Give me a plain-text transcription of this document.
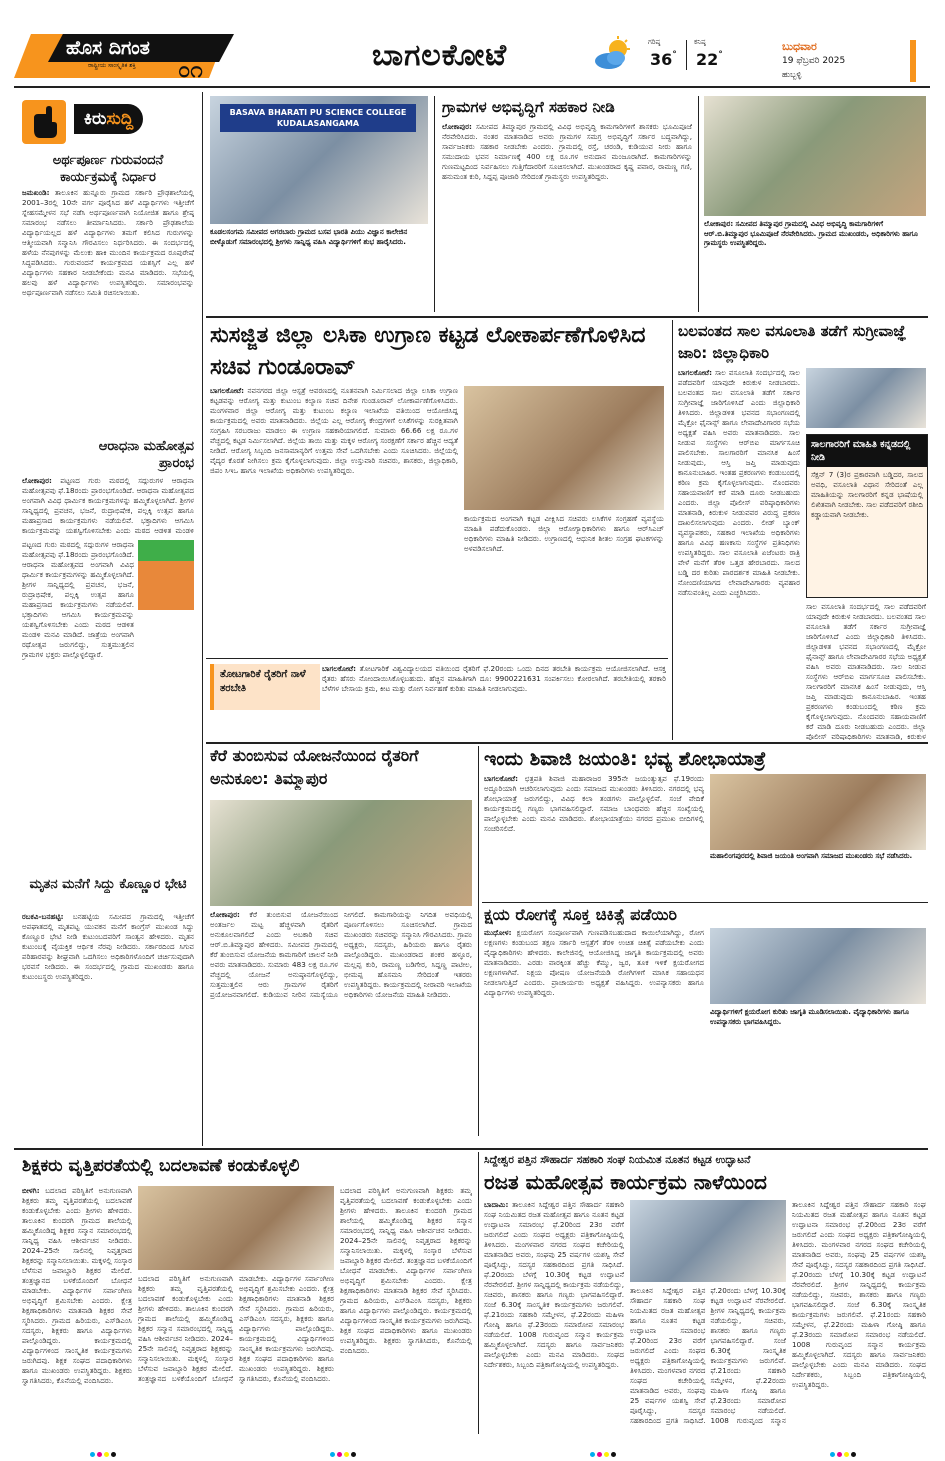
ಹೊಸ ದಿಗಂತ
ರಾಷ್ಟ್ರೀಯ ಸಾಂಸ್ಕೃತಿಕ ಶಕ್ತಿ	೦೧	ಬಾಗಲಕೋಟೆ	ಗರಿಷ್ಠ
36°
ಕನಿಷ್ಠ
22°
ಬುಧವಾರ
19 ಫೆಬ್ರವರಿ 2025
ಹುಬ್ಬಳ್ಳಿ
ಕಿರುಸುದ್ದಿ
ಅರ್ಥಪೂರ್ಣ ಗುರುವಂದನೆ ಕಾರ್ಯಕ್ರಮಕ್ಕೆ ನಿರ್ಧಾರ
ಜಮಖಂಡಿ: ತಾಲೂಕಿನ ಹುನ್ನೂರು ಗ್ರಾಮದ ಸರ್ಕಾರಿ ಪ್ರೌಢಶಾಲೆಯಲ್ಲಿ 2001–3ರಲ್ಲಿ 10ನೇ ವರ್ಗ ಪೂರೈಸಿದ ಹಳೆ ವಿದ್ಯಾರ್ಥಿಗಳು ಇತ್ತೀಚೆಗೆ ಸ್ನೇಹಸಮ್ಮೇಳನ ಸಭೆ ನಡೆಸಿ ಅರ್ಥಪೂರ್ಣವಾಗಿ ನಿಯೋಜಿತ ಹಾಗೂ ಶ್ರೇಷ್ಠ ಸಮಾರಂಭ ನಡೆಸಲು ತೀರ್ಮಾನಿಸಿದರು. ಸರ್ಕಾರಿ ಪ್ರೌಢಶಾಲೆಯ ವಿದ್ಯಾರ್ಥಿಯಲ್ಲದ ಹಳೆ ವಿದ್ಯಾರ್ಥಿಗಳು ತಮಗೆ ಕಲಿಸಿದ ಗುರುಗಳನ್ನು ಆತ್ಮೀಯವಾಗಿ ಸನ್ಮಾನಿಸಿ ಗೌರವಿಸಲು ನಿರ್ಧರಿಸಿದರು. ಈ ಸಂದರ್ಭದಲ್ಲಿ ಹಳೆಯ ನೆನಪುಗಳನ್ನು ಮೆಲುಕು ಹಾಕಿ ಮುಂದಿನ ಕಾರ್ಯಕ್ರಮದ ರೂಪುರೇಷೆ ಸಿದ್ಧಪಡಿಸಿದರು. ಗುರುವಂದನೆ ಕಾರ್ಯಕ್ರಮದ ಯಶಸ್ಸಿಗೆ ಎಲ್ಲ ಹಳೆ ವಿದ್ಯಾರ್ಥಿಗಳು ಸಹಕಾರ ನೀಡಬೇಕೆಂದು ಮನವಿ ಮಾಡಿದರು. ಸಭೆಯಲ್ಲಿ ಹಲವು ಹಳೆ ವಿದ್ಯಾರ್ಥಿಗಳು ಉಪಸ್ಥಿತರಿದ್ದರು. ಸಮಾರಂಭವನ್ನು ಅರ್ಥಪೂರ್ಣವಾಗಿ ನಡೆಸಲು ಸಮಿತಿ ರಚಿಸಲಾಯಿತು.
ಆರಾಧನಾ ಮಹೋತ್ಸವ ಪ್ರಾರಂಭ
ಲೋಕಾಪುರ: ಪಟ್ಟಣದ ಗುರು ಮಠದಲ್ಲಿ ಸದ್ಗುರುಗಳ ಆರಾಧನಾ ಮಹೋತ್ಸವವು ಫೆ.18ರಂದು ಪ್ರಾರಂಭಗೊಂಡಿದೆ. ಆರಾಧನಾ ಮಹೋತ್ಸವದ ಅಂಗವಾಗಿ ವಿವಿಧ ಧಾರ್ಮಿಕ ಕಾರ್ಯಕ್ರಮಗಳನ್ನು ಹಮ್ಮಿಕೊಳ್ಳಲಾಗಿದೆ. ಶ್ರೀಗಳ ಸಾನ್ನಿಧ್ಯದಲ್ಲಿ ಪ್ರವಚನ, ಭಜನೆ, ರುದ್ರಾಭಿಷೇಕ, ಪಲ್ಲಕ್ಕಿ ಉತ್ಸವ ಹಾಗೂ ಮಹಾಪ್ರಸಾದ ಕಾರ್ಯಕ್ರಮಗಳು ನಡೆಯಲಿವೆ. ಭಕ್ತಾದಿಗಳು ಆಗಮಿಸಿ ಕಾರ್ಯಕ್ರಮವನ್ನು ಯಶಸ್ವಿಗೊಳಿಸಬೇಕು ಎಂದು ಮಠದ ಆಡಳಿತ ಮಂಡಳಿ
ಪಟ್ಟಣದ ಗುರು ಮಠದಲ್ಲಿ ಸದ್ಗುರುಗಳ ಆರಾಧನಾ ಮಹೋತ್ಸವವು ಫೆ.18ರಂದು ಪ್ರಾರಂಭಗೊಂಡಿದೆ. ಆರಾಧನಾ ಮಹೋತ್ಸವದ ಅಂಗವಾಗಿ ವಿವಿಧ ಧಾರ್ಮಿಕ ಕಾರ್ಯಕ್ರಮಗಳನ್ನು ಹಮ್ಮಿಕೊಳ್ಳಲಾಗಿದೆ. ಶ್ರೀಗಳ ಸಾನ್ನಿಧ್ಯದಲ್ಲಿ ಪ್ರವಚನ, ಭಜನೆ, ರುದ್ರಾಭಿಷೇಕ, ಪಲ್ಲಕ್ಕಿ ಉತ್ಸವ ಹಾಗೂ ಮಹಾಪ್ರಸಾದ ಕಾರ್ಯಕ್ರಮಗಳು ನಡೆಯಲಿವೆ. ಭಕ್ತಾದಿಗಳು ಆಗಮಿಸಿ ಕಾರ್ಯಕ್ರಮವನ್ನು ಯಶಸ್ವಿಗೊಳಿಸಬೇಕು ಎಂದು ಮಠದ ಆಡಳಿತ ಮಂಡಳಿ ಮನವಿ ಮಾಡಿದೆ. ಜಾತ್ರೆಯ ಅಂಗವಾಗಿ ರಥೋತ್ಸವ ಜರುಗಲಿದ್ದು, ಸುತ್ತಮುತ್ತಲಿನ ಗ್ರಾಮಗಳ ಭಕ್ತರು ಪಾಲ್ಗೊಳ್ಳಲಿದ್ದಾರೆ.
ಮೃತನ ಮನೆಗೆ ಸಿದ್ದು ಕೊಣ್ಣೂರ ಭೇಟಿ
ರಬಕವಿ-ಬನಹಟ್ಟಿ: ಬನಹಟ್ಟಿಯ ಸಮೀಪದ ಗ್ರಾಮದಲ್ಲಿ ಇತ್ತೀಚೆಗೆ ಅಪಘಾತದಲ್ಲಿ ಮೃತಪಟ್ಟ ಯುವಕನ ಮನೆಗೆ ಕಾಂಗ್ರೆಸ್ ಮುಖಂಡ ಸಿದ್ದು ಕೊಣ್ಣೂರ ಭೇಟಿ ನೀಡಿ ಕುಟುಂಬದವರಿಗೆ ಸಾಂತ್ವನ ಹೇಳಿದರು. ಮೃತನ ಕುಟುಂಬಕ್ಕೆ ವೈಯಕ್ತಿಕ ಆರ್ಥಿಕ ನೆರವು ನೀಡಿದರು. ಸರ್ಕಾರದಿಂದ ಸಿಗುವ ಪರಿಹಾರವನ್ನು ಶೀಘ್ರವಾಗಿ ಒದಗಿಸಲು ಅಧಿಕಾರಿಗಳೊಂದಿಗೆ ಚರ್ಚಿಸುವುದಾಗಿ ಭರವಸೆ ನೀಡಿದರು. ಈ ಸಂದರ್ಭದಲ್ಲಿ ಗ್ರಾಮದ ಮುಖಂಡರು ಹಾಗೂ ಕುಟುಂಬಸ್ಥರು ಉಪಸ್ಥಿತರಿದ್ದರು.
BASAVA BHARATI PU SCIENCE COLLEGE KUDALASANGAMA
ಕೂಡಲಸಂಗಮ ಸಮೀಪದ ಅಗರಬಾರು ಗ್ರಾಮದ ಬಸವ ಭಾರತಿ ಪಿಯು ವಿಜ್ಞಾನ ಕಾಲೇಜಿನ ಬೀಳ್ಕೊಡುಗೆ ಸಮಾರಂಭದಲ್ಲಿ ಶ್ರೀಗಳು ಸಾನ್ನಿಧ್ಯ ವಹಿಸಿ ವಿದ್ಯಾರ್ಥಿಗಳಿಗೆ ಶುಭ ಹಾರೈಸಿದರು.
ಗ್ರಾಮಗಳ ಅಭಿವೃದ್ಧಿಗೆ ಸಹಕಾರ ನೀಡಿ
ಲೋಕಾಪುರ: ಸಮೀಪದ ತಿಮ್ಮಾಪುರ ಗ್ರಾಮದಲ್ಲಿ ವಿವಿಧ ಅಭಿವೃದ್ಧಿ ಕಾಮಗಾರಿಗಳಿಗೆ ಶಾಸಕರು ಭೂಮಿಪೂಜೆ ನೆರವೇರಿಸಿದರು. ನಂತರ ಮಾತನಾಡಿದ ಅವರು ಗ್ರಾಮಗಳ ಸಮಗ್ರ ಅಭಿವೃದ್ಧಿಗೆ ಸರ್ಕಾರ ಬದ್ಧವಾಗಿದ್ದು, ಸಾರ್ವಜನಿಕರು ಸಹಕಾರ ನೀಡಬೇಕು ಎಂದರು. ಗ್ರಾಮದಲ್ಲಿ ರಸ್ತೆ, ಚರಂಡಿ, ಕುಡಿಯುವ ನೀರು ಹಾಗೂ ಸಮುದಾಯ ಭವನ ನಿರ್ಮಾಣಕ್ಕೆ 400 ಲಕ್ಷ ರೂ.ಗಳ ಅನುದಾನ ಮಂಜೂರಾಗಿದೆ. ಕಾಮಗಾರಿಗಳನ್ನು ಗುಣಮಟ್ಟದಿಂದ ನಿರ್ವಹಿಸಲು ಗುತ್ತಿಗೆದಾರರಿಗೆ ಸೂಚಿಸಲಾಗಿದೆ. ಮುಖಂಡರಾದ ಕೃಷ್ಣ ಪವಾರ, ರಾಮಣ್ಣ ಗಣಿ, ಹನುಮಂತ ಕುರಿ, ಸಿದ್ದಪ್ಪ ಪೂಜಾರಿ ಸೇರಿದಂತೆ ಗ್ರಾಮಸ್ಥರು ಉಪಸ್ಥಿತರಿದ್ದರು.
ಲೋಕಾಪುರ: ಸಮೀಪದ ತಿಮ್ಮಾಪುರ ಗ್ರಾಮದಲ್ಲಿ ವಿವಿಧ ಅಭಿವೃದ್ಧಿ ಕಾಮಗಾರಿಗಳಿಗೆ ಆರ್.ಬಿ.ತಿಮ್ಮಾಪುರ ಭೂಮಿಪೂಜೆ ನೆರವೇರಿಸಿದರು. ಗ್ರಾಮದ ಮುಖಂಡರು, ಅಧಿಕಾರಿಗಳು ಹಾಗೂ ಗ್ರಾಮಸ್ಥರು ಉಪಸ್ಥಿತರಿದ್ದರು.
ಸುಸಜ್ಜಿತ ಜಿಲ್ಲಾ ಲಸಿಕಾ ಉಗ್ರಾಣ ಕಟ್ಟಡ ಲೋಕಾರ್ಪಣೆಗೊಳಿಸಿದ ಸಚಿವ ಗುಂಡೂರಾವ್
ಬಾಗಲಕೋಟೆ: ನವನಗರದ ಜಿಲ್ಲಾ ಆಸ್ಪತ್ರೆ ಆವರಣದಲ್ಲಿ ನೂತನವಾಗಿ ನಿರ್ಮಿಸಲಾದ ಜಿಲ್ಲಾ ಲಸಿಕಾ ಉಗ್ರಾಣ ಕಟ್ಟಡವನ್ನು ಆರೋಗ್ಯ ಮತ್ತು ಕುಟುಂಬ ಕಲ್ಯಾಣ ಸಚಿವ ದಿನೇಶ ಗುಂಡೂರಾವ್ ಲೋಕಾರ್ಪಣೆಗೊಳಿಸಿದರು. ಮಂಗಳವಾರ ಜಿಲ್ಲಾ ಆರೋಗ್ಯ ಮತ್ತು ಕುಟುಂಬ ಕಲ್ಯಾಣ ಇಲಾಖೆಯ ವತಿಯಿಂದ ಆಯೋಜಿಸಿದ್ದ ಕಾರ್ಯಕ್ರಮದಲ್ಲಿ ಅವರು ಮಾತನಾಡಿದರು. ಜಿಲ್ಲೆಯ ಎಲ್ಲ ಆರೋಗ್ಯ ಕೇಂದ್ರಗಳಿಗೆ ಲಸಿಕೆಗಳನ್ನು ಸುರಕ್ಷಿತವಾಗಿ ಸಂಗ್ರಹಿಸಿ ಸರಬರಾಜು ಮಾಡಲು ಈ ಉಗ್ರಾಣ ಸಹಕಾರಿಯಾಗಲಿದೆ. ಸುಮಾರು 66.66 ಲಕ್ಷ ರೂ.ಗಳ ವೆಚ್ಚದಲ್ಲಿ ಕಟ್ಟಡ ನಿರ್ಮಿಸಲಾಗಿದೆ. ಜಿಲ್ಲೆಯ ತಾಯಿ ಮತ್ತು ಮಕ್ಕಳ ಆರೋಗ್ಯ ಸಂರಕ್ಷಣೆಗೆ ಸರ್ಕಾರ ಹೆಚ್ಚಿನ ಆದ್ಯತೆ ನೀಡಿದೆ. ಆರೋಗ್ಯ ಸಿಬ್ಬಂದಿ ಜನಸಾಮಾನ್ಯರಿಗೆ ಉತ್ತಮ ಸೇವೆ ಒದಗಿಸಬೇಕು ಎಂದು ಸೂಚಿಸಿದರು. ಜಿಲ್ಲೆಯಲ್ಲಿ ವೈದ್ಯರ ಕೊರತೆ ನೀಗಿಸಲು ಕ್ರಮ ಕೈಗೊಳ್ಳಲಾಗುವುದು. ಜಿಲ್ಲಾ ಉಸ್ತುವಾರಿ ಸಚಿವರು, ಶಾಸಕರು, ಜಿಲ್ಲಾಧಿಕಾರಿ, ಜಿಪಂ ಸಿಇಒ ಹಾಗೂ ಇಲಾಖೆಯ ಅಧಿಕಾರಿಗಳು ಉಪಸ್ಥಿತರಿದ್ದರು.
ಕಾರ್ಯಕ್ರಮದ ಅಂಗವಾಗಿ ಕಟ್ಟಡ ವೀಕ್ಷಿಸಿದ ಸಚಿವರು ಲಸಿಕೆಗಳ ಸಂಗ್ರಹಣೆ ವ್ಯವಸ್ಥೆಯ ಮಾಹಿತಿ ಪಡೆದುಕೊಂಡರು. ಜಿಲ್ಲಾ ಆರೋಗ್ಯಾಧಿಕಾರಿಗಳು ಹಾಗೂ ಆರ್‌ಸಿಎಚ್ ಅಧಿಕಾರಿಗಳು ಮಾಹಿತಿ ನೀಡಿದರು. ಉಗ್ರಾಣದಲ್ಲಿ ಆಧುನಿಕ ಶೀತಲ ಸಂಗ್ರಹ ಘಟಕಗಳನ್ನು ಅಳವಡಿಸಲಾಗಿದೆ.
ತೋಟಗಾರಿಕೆ ರೈತರಿಗೆ ನಾಳೆ ತರಬೇತಿ
ಬಾಗಲಕೋಟೆ: ತೋಟಗಾರಿಕೆ ವಿಶ್ವವಿದ್ಯಾಲಯದ ವತಿಯಿಂದ ರೈತರಿಗೆ ಫೆ.20ರಂದು ಒಂದು ದಿನದ ತರಬೇತಿ ಕಾರ್ಯಕ್ರಮ ಆಯೋಜಿಸಲಾಗಿದೆ. ಆಸಕ್ತ ರೈತರು ಹೆಸರು ನೋಂದಾಯಿಸಿಕೊಳ್ಳಬಹುದು. ಹೆಚ್ಚಿನ ಮಾಹಿತಿಗಾಗಿ ದೂ: 9900221631 ಸಂಪರ್ಕಿಸಲು ಕೋರಲಾಗಿದೆ. ತರಬೇತಿಯಲ್ಲಿ ತರಕಾರಿ ಬೆಳೆಗಳ ಬೇಸಾಯ ಕ್ರಮ, ಕೀಟ ಮತ್ತು ರೋಗ ನಿರ್ವಹಣೆ ಕುರಿತು ಮಾಹಿತಿ ನೀಡಲಾಗುವುದು.
ಬಲವಂತದ ಸಾಲ ವಸೂಲಾತಿ ತಡೆಗೆ ಸುಗ್ರೀವಾಜ್ಞೆ ಜಾರಿ: ಜಿಲ್ಲಾಧಿಕಾರಿ
ಬಾಗಲಕೋಟೆ: ಸಾಲ ವಸೂಲಾತಿ ಸಂದರ್ಭದಲ್ಲಿ ಸಾಲ ಪಡೆದವರಿಗೆ ಯಾವುದೇ ಕಿರುಕುಳ ನೀಡಬಾರದು. ಬಲವಂತದ ಸಾಲ ವಸೂಲಾತಿ ತಡೆಗೆ ಸರ್ಕಾರ ಸುಗ್ರೀವಾಜ್ಞೆ ಜಾರಿಗೊಳಿಸಿದೆ ಎಂದು ಜಿಲ್ಲಾಧಿಕಾರಿ ತಿಳಿಸಿದರು. ಜಿಲ್ಲಾಡಳಿತ ಭವನದ ಸಭಾಂಗಣದಲ್ಲಿ ಮೈಕ್ರೋ ಫೈನಾನ್ಸ್ ಹಾಗೂ ಲೇವಾದೇವಿಗಾರರ ಸಭೆಯ ಅಧ್ಯಕ್ಷತೆ ವಹಿಸಿ ಅವರು ಮಾತನಾಡಿದರು. ಸಾಲ ನೀಡುವ ಸಂಸ್ಥೆಗಳು ಆರ್‌ಬಿಐ ಮಾರ್ಗಸೂಚಿ ಪಾಲಿಸಬೇಕು. ಸಾಲಗಾರರಿಗೆ ಮಾನಸಿಕ ಹಿಂಸೆ ನೀಡುವುದು, ಆಸ್ತಿ ಜಪ್ತಿ ಮಾಡುವುದು ಕಾನೂನುಬಾಹಿರ. ಇಂತಹ ಪ್ರಕರಣಗಳು ಕಂಡುಬಂದಲ್ಲಿ ಕಠಿಣ ಕ್ರಮ ಕೈಗೊಳ್ಳಲಾಗುವುದು. ನೊಂದವರು ಸಹಾಯವಾಣಿಗೆ ಕರೆ ಮಾಡಿ ದೂರು ನೀಡಬಹುದು ಎಂದರು. ಜಿಲ್ಲಾ ಪೊಲೀಸ್ ವರಿಷ್ಠಾಧಿಕಾರಿಗಳು ಮಾತನಾಡಿ, ಕಿರುಕುಳ ನೀಡುವವರ ವಿರುದ್ಧ ಪ್ರಕರಣ ದಾಖಲಿಸಲಾಗುವುದು ಎಂದರು. ಲೀಡ್ ಬ್ಯಾಂಕ್ ವ್ಯವಸ್ಥಾಪಕರು, ಸಹಕಾರ ಇಲಾಖೆಯ ಅಧಿಕಾರಿಗಳು ಹಾಗೂ ವಿವಿಧ ಹಣಕಾಸು ಸಂಸ್ಥೆಗಳ ಪ್ರತಿನಿಧಿಗಳು ಉಪಸ್ಥಿತರಿದ್ದರು. ಸಾಲ ವಸೂಲಾತಿ ಏಜೆಂಟರು ರಾತ್ರಿ ವೇಳೆ ಮನೆಗೆ ತೆರಳಿ ಒತ್ತಡ ಹೇರಬಾರದು. ಸಾಲದ ಬಡ್ಡಿ ದರ ಕುರಿತು ಪಾರದರ್ಶಕ ಮಾಹಿತಿ ನೀಡಬೇಕು. ನೋಂದಣಿಯಾಗದ ಲೇವಾದೇವಿಗಾರರು ವ್ಯವಹಾರ ನಡೆಸುವಂತಿಲ್ಲ ಎಂದು ಎಚ್ಚರಿಸಿದರು.
ಸಾಲಗಾರರಿಗೆ ಮಾಹಿತಿ ಕನ್ನಡದಲ್ಲಿ ನೀಡಿ
ಸೆಕ್ಷನ್ 7 (3)ರ ಪ್ರಕಾರವಾಗಿ ಬಡ್ಡಿದರ, ಸಾಲದ ಅವಧಿ, ವಸೂಲಾತಿ ವಿಧಾನ ಸೇರಿದಂತೆ ಎಲ್ಲ ಮಾಹಿತಿಯನ್ನು ಸಾಲಗಾರರಿಗೆ ಕನ್ನಡ ಭಾಷೆಯಲ್ಲಿ ಲಿಖಿತವಾಗಿ ನೀಡಬೇಕು. ಸಾಲ ಪಡೆದವರಿಗೆ ರಶೀದಿ ಕಡ್ಡಾಯವಾಗಿ ನೀಡಬೇಕು.
ಸಾಲ ವಸೂಲಾತಿ ಸಂದರ್ಭದಲ್ಲಿ ಸಾಲ ಪಡೆದವರಿಗೆ ಯಾವುದೇ ಕಿರುಕುಳ ನೀಡಬಾರದು. ಬಲವಂತದ ಸಾಲ ವಸೂಲಾತಿ ತಡೆಗೆ ಸರ್ಕಾರ ಸುಗ್ರೀವಾಜ್ಞೆ ಜಾರಿಗೊಳಿಸಿದೆ ಎಂದು ಜಿಲ್ಲಾಧಿಕಾರಿ ತಿಳಿಸಿದರು. ಜಿಲ್ಲಾಡಳಿತ ಭವನದ ಸಭಾಂಗಣದಲ್ಲಿ ಮೈಕ್ರೋ ಫೈನಾನ್ಸ್ ಹಾಗೂ ಲೇವಾದೇವಿಗಾರರ ಸಭೆಯ ಅಧ್ಯಕ್ಷತೆ ವಹಿಸಿ ಅವರು ಮಾತನಾಡಿದರು. ಸಾಲ ನೀಡುವ ಸಂಸ್ಥೆಗಳು ಆರ್‌ಬಿಐ ಮಾರ್ಗಸೂಚಿ ಪಾಲಿಸಬೇಕು. ಸಾಲಗಾರರಿಗೆ ಮಾನಸಿಕ ಹಿಂಸೆ ನೀಡುವುದು, ಆಸ್ತಿ ಜಪ್ತಿ ಮಾಡುವುದು ಕಾನೂನುಬಾಹಿರ. ಇಂತಹ ಪ್ರಕರಣಗಳು ಕಂಡುಬಂದಲ್ಲಿ ಕಠಿಣ ಕ್ರಮ ಕೈಗೊಳ್ಳಲಾಗುವುದು. ನೊಂದವರು ಸಹಾಯವಾಣಿಗೆ ಕರೆ ಮಾಡಿ ದೂರು ನೀಡಬಹುದು ಎಂದರು. ಜಿಲ್ಲಾ ಪೊಲೀಸ್ ವರಿಷ್ಠಾಧಿಕಾರಿಗಳು ಮಾತನಾಡಿ, ಕಿರುಕುಳ
ಕೆರೆ ತುಂಬಿಸುವ ಯೋಜನೆಯಿಂದ ರೈತರಿಗೆ ಅನುಕೂಲ: ತಿಮ್ಮಾಪುರ
ಲೋಕಾಪುರ: ಕೆರೆ ತುಂಬಿಸುವ ಯೋಜನೆಯಿಂದ ಅಂತರ್ಜಲ ಮಟ್ಟ ಹೆಚ್ಚಳವಾಗಿ ರೈತರಿಗೆ ಅನುಕೂಲವಾಗಲಿದೆ ಎಂದು ಅಬಕಾರಿ ಸಚಿವ ಆರ್.ಬಿ.ತಿಮ್ಮಾಪುರ ಹೇಳಿದರು. ಸಮೀಪದ ಗ್ರಾಮದಲ್ಲಿ ಕೆರೆ ತುಂಬಿಸುವ ಯೋಜನೆಯ ಕಾಮಗಾರಿಗೆ ಚಾಲನೆ ನೀಡಿ ಅವರು ಮಾತನಾಡಿದರು. ಸುಮಾರು 483 ಲಕ್ಷ ರೂ.ಗಳ ವೆಚ್ಚದಲ್ಲಿ ಯೋಜನೆ ಅನುಷ್ಠಾನಗೊಳ್ಳಲಿದ್ದು, ಸುತ್ತಮುತ್ತಲಿನ ಆರು ಗ್ರಾಮಗಳ ರೈತರಿಗೆ ಪ್ರಯೋಜನವಾಗಲಿದೆ. ಕುಡಿಯುವ ನೀರಿನ ಸಮಸ್ಯೆಯೂ ನೀಗಲಿದೆ. ಕಾಮಗಾರಿಯನ್ನು ನಿಗದಿತ ಅವಧಿಯಲ್ಲಿ ಪೂರ್ಣಗೊಳಿಸಲು ಸೂಚಿಸಲಾಗಿದೆ. ಗ್ರಾಮದ ಮುಖಂಡರು ಸಚಿವರನ್ನು ಸನ್ಮಾನಿಸಿ ಗೌರವಿಸಿದರು. ಗ್ರಾಪಂ ಅಧ್ಯಕ್ಷರು, ಸದಸ್ಯರು, ಹಿರಿಯರು ಹಾಗೂ ರೈತರು ಪಾಲ್ಗೊಂಡಿದ್ದರು. ಮುಖಂಡರಾದ ಶಂಕರ ಹಳ್ಳೂರ, ಮಲ್ಲಪ್ಪ ಕುರಿ, ರಾಮಣ್ಣ ಬಡಿಗೇರ, ಸಿದ್ದಣ್ಣ ಪಾಟೀಲ, ಭೀಮಪ್ಪ ಹೊಸಮನಿ ಸೇರಿದಂತೆ ಇತರರು ಉಪಸ್ಥಿತರಿದ್ದರು. ಕಾರ್ಯಕ್ರಮದಲ್ಲಿ ನೀರಾವರಿ ಇಲಾಖೆಯ ಅಧಿಕಾರಿಗಳು ಯೋಜನೆಯ ಮಾಹಿತಿ ನೀಡಿದರು.
ಇಂದು ಶಿವಾಜಿ ಜಯಂತಿ: ಭವ್ಯ ಶೋಭಾಯಾತ್ರೆ
ಬಾಗಲಕೋಟೆ: ಛತ್ರಪತಿ ಶಿವಾಜಿ ಮಹಾರಾಜರ 395ನೇ ಜಯಂತ್ಯುತ್ಸವ ಫೆ.19ರಂದು ಅದ್ಧೂರಿಯಾಗಿ ಆಚರಿಸಲಾಗುವುದು ಎಂದು ಸಮಾಜದ ಮುಖಂಡರು ತಿಳಿಸಿದರು. ನಗರದಲ್ಲಿ ಭವ್ಯ ಶೋಭಾಯಾತ್ರೆ ಜರುಗಲಿದ್ದು, ವಿವಿಧ ಕಲಾ ತಂಡಗಳು ಪಾಲ್ಗೊಳ್ಳಲಿವೆ. ಸಂಜೆ ವೇದಿಕೆ ಕಾರ್ಯಕ್ರಮದಲ್ಲಿ ಗಣ್ಯರು ಭಾಗವಹಿಸಲಿದ್ದಾರೆ. ಸಮಾಜ ಬಾಂಧವರು ಹೆಚ್ಚಿನ ಸಂಖ್ಯೆಯಲ್ಲಿ ಪಾಲ್ಗೊಳ್ಳಬೇಕು ಎಂದು ಮನವಿ ಮಾಡಿದರು. ಶೋಭಾಯಾತ್ರೆಯು ನಗರದ ಪ್ರಮುಖ ಬೀದಿಗಳಲ್ಲಿ ಸಂಚರಿಸಲಿದೆ.
ಮಹಾಲಿಂಗಪುರದಲ್ಲಿ ಶಿವಾಜಿ ಜಯಂತಿ ಅಂಗವಾಗಿ ಸಮಾಜದ ಮುಖಂಡರು ಸಭೆ ನಡೆಸಿದರು.
ಕ್ಷಯ ರೋಗಕ್ಕೆ ಸೂಕ್ತ ಚಿಕಿತ್ಸೆ ಪಡೆಯಿರಿ
ಮುಧೋಳ: ಕ್ಷಯರೋಗ ಸಂಪೂರ್ಣವಾಗಿ ಗುಣಪಡಿಸಬಹುದಾದ ಕಾಯಿಲೆಯಾಗಿದ್ದು, ರೋಗ ಲಕ್ಷಣಗಳು ಕಂಡುಬಂದ ತಕ್ಷಣ ಸರ್ಕಾರಿ ಆಸ್ಪತ್ರೆಗೆ ತೆರಳಿ ಉಚಿತ ಚಿಕಿತ್ಸೆ ಪಡೆಯಬೇಕು ಎಂದು ವೈದ್ಯಾಧಿಕಾರಿಗಳು ಹೇಳಿದರು. ಕಾಲೇಜಿನಲ್ಲಿ ಆಯೋಜಿಸಿದ್ದ ಜಾಗೃತಿ ಕಾರ್ಯಕ್ರಮದಲ್ಲಿ ಅವರು ಮಾತನಾಡಿದರು. ಎರಡು ವಾರಕ್ಕಿಂತ ಹೆಚ್ಚು ಕೆಮ್ಮು, ಜ್ವರ, ತೂಕ ಇಳಿಕೆ ಕ್ಷಯರೋಗದ ಲಕ್ಷಣಗಳಾಗಿವೆ. ನಿಕ್ಷಯ ಪೋಷಣ ಯೋಜನೆಯಡಿ ರೋಗಿಗಳಿಗೆ ಮಾಸಿಕ ಸಹಾಯಧನ ನೀಡಲಾಗುತ್ತಿದೆ ಎಂದರು. ಪ್ರಾಚಾರ್ಯರು ಅಧ್ಯಕ್ಷತೆ ವಹಿಸಿದ್ದರು. ಉಪನ್ಯಾಸಕರು ಹಾಗೂ ವಿದ್ಯಾರ್ಥಿಗಳು ಉಪಸ್ಥಿತರಿದ್ದರು.
ವಿದ್ಯಾರ್ಥಿಗಳಿಗೆ ಕ್ಷಯರೋಗ ಕುರಿತು ಜಾಗೃತಿ ಮೂಡಿಸಲಾಯಿತು. ವೈದ್ಯಾಧಿಕಾರಿಗಳು ಹಾಗೂ ಉಪನ್ಯಾಸಕರು ಭಾಗವಹಿಸಿದ್ದರು.
ಶಿಕ್ಷಕರು ವೃತ್ತಿಪರತೆಯಲ್ಲಿ ಬದಲಾವಣೆ ಕಂಡುಕೊಳ್ಳಲಿ
ಬೀಳಗಿ: ಬದಲಾದ ಪರಿಸ್ಥಿತಿಗೆ ಅನುಗುಣವಾಗಿ ಶಿಕ್ಷಕರು ತಮ್ಮ ವೃತ್ತಿಪರತೆಯಲ್ಲಿ ಬದಲಾವಣೆ ಕಂಡುಕೊಳ್ಳಬೇಕು ಎಂದು ಶ್ರೀಗಳು ಹೇಳಿದರು. ತಾಲೂಕಿನ ಕುಂದರಗಿ ಗ್ರಾಮದ ಶಾಲೆಯಲ್ಲಿ ಹಮ್ಮಿಕೊಂಡಿದ್ದ ಶಿಕ್ಷಕರ ಸನ್ಮಾನ ಸಮಾರಂಭದಲ್ಲಿ ಸಾನ್ನಿಧ್ಯ ವಹಿಸಿ ಆಶೀರ್ವಚನ ನೀಡಿದರು. 2024–25ನೇ ಸಾಲಿನಲ್ಲಿ ನಿವೃತ್ತರಾದ ಶಿಕ್ಷಕರನ್ನು ಸನ್ಮಾನಿಸಲಾಯಿತು. ಮಕ್ಕಳಲ್ಲಿ ಸಂಸ್ಕಾರ ಬೆಳೆಸುವ ಜವಾಬ್ದಾರಿ ಶಿಕ್ಷಕರ ಮೇಲಿದೆ. ತಂತ್ರಜ್ಞಾನದ ಬಳಕೆಯೊಂದಿಗೆ ಬೋಧನೆ ಮಾಡಬೇಕು. ವಿದ್ಯಾರ್ಥಿಗಳ ಸರ್ವಾಂಗೀಣ ಅಭಿವೃದ್ಧಿಗೆ ಶ್ರಮಿಸಬೇಕು ಎಂದರು. ಕ್ಷೇತ್ರ ಶಿಕ್ಷಣಾಧಿಕಾರಿಗಳು ಮಾತನಾಡಿ ಶಿಕ್ಷಕರ ಸೇವೆ ಸ್ಮರಿಸಿದರು. ಗ್ರಾಮದ ಹಿರಿಯರು, ಎಸ್‌ಡಿಎಂಸಿ ಸದಸ್ಯರು, ಶಿಕ್ಷಕರು ಹಾಗೂ ವಿದ್ಯಾರ್ಥಿಗಳು ಪಾಲ್ಗೊಂಡಿದ್ದರು. ಕಾರ್ಯಕ್ರಮದಲ್ಲಿ ವಿದ್ಯಾರ್ಥಿಗಳಿಂದ ಸಾಂಸ್ಕೃತಿಕ ಕಾರ್ಯಕ್ರಮಗಳು ಜರುಗಿದವು. ಶಿಕ್ಷಕ ಸಂಘದ ಪದಾಧಿಕಾರಿಗಳು ಹಾಗೂ ಮುಖಂಡರು ಉಪಸ್ಥಿತರಿದ್ದರು. ಶಿಕ್ಷಕರು ಸ್ವಾಗತಿಸಿದರು, ಕೊನೆಯಲ್ಲಿ ವಂದಿಸಿದರು.
ಬದಲಾದ ಪರಿಸ್ಥಿತಿಗೆ ಅನುಗುಣವಾಗಿ ಶಿಕ್ಷಕರು ತಮ್ಮ ವೃತ್ತಿಪರತೆಯಲ್ಲಿ ಬದಲಾವಣೆ ಕಂಡುಕೊಳ್ಳಬೇಕು ಎಂದು ಶ್ರೀಗಳು ಹೇಳಿದರು. ತಾಲೂಕಿನ ಕುಂದರಗಿ ಗ್ರಾಮದ ಶಾಲೆಯಲ್ಲಿ ಹಮ್ಮಿಕೊಂಡಿದ್ದ ಶಿಕ್ಷಕರ ಸನ್ಮಾನ ಸಮಾರಂಭದಲ್ಲಿ ಸಾನ್ನಿಧ್ಯ ವಹಿಸಿ ಆಶೀರ್ವಚನ ನೀಡಿದರು. 2024–25ನೇ ಸಾಲಿನಲ್ಲಿ ನಿವೃತ್ತರಾದ ಶಿಕ್ಷಕರನ್ನು ಸನ್ಮಾನಿಸಲಾಯಿತು. ಮಕ್ಕಳಲ್ಲಿ ಸಂಸ್ಕಾರ ಬೆಳೆಸುವ ಜವಾಬ್ದಾರಿ ಶಿಕ್ಷಕರ ಮೇಲಿದೆ. ತಂತ್ರಜ್ಞಾನದ ಬಳಕೆಯೊಂದಿಗೆ ಬೋಧನೆ ಮಾಡಬೇಕು. ವಿದ್ಯಾರ್ಥಿಗಳ ಸರ್ವಾಂಗೀಣ ಅಭಿವೃದ್ಧಿಗೆ ಶ್ರಮಿಸಬೇಕು ಎಂದರು. ಕ್ಷೇತ್ರ ಶಿಕ್ಷಣಾಧಿಕಾರಿಗಳು ಮಾತನಾಡಿ ಶಿಕ್ಷಕರ ಸೇವೆ ಸ್ಮರಿಸಿದರು. ಗ್ರಾಮದ ಹಿರಿಯರು, ಎಸ್‌ಡಿಎಂಸಿ ಸದಸ್ಯರು, ಶಿಕ್ಷಕರು ಹಾಗೂ ವಿದ್ಯಾರ್ಥಿಗಳು ಪಾಲ್ಗೊಂಡಿದ್ದರು. ಕಾರ್ಯಕ್ರಮದಲ್ಲಿ ವಿದ್ಯಾರ್ಥಿಗಳಿಂದ ಸಾಂಸ್ಕೃತಿಕ ಕಾರ್ಯಕ್ರಮಗಳು ಜರುಗಿದವು. ಶಿಕ್ಷಕ ಸಂಘದ ಪದಾಧಿಕಾರಿಗಳು ಹಾಗೂ ಮುಖಂಡರು ಉಪಸ್ಥಿತರಿದ್ದರು. ಶಿಕ್ಷಕರು ಸ್ವಾಗತಿಸಿದರು, ಕೊನೆಯಲ್ಲಿ ವಂದಿಸಿದರು.
ಬದಲಾದ ಪರಿಸ್ಥಿತಿಗೆ ಅನುಗುಣವಾಗಿ ಶಿಕ್ಷಕರು ತಮ್ಮ ವೃತ್ತಿಪರತೆಯಲ್ಲಿ ಬದಲಾವಣೆ ಕಂಡುಕೊಳ್ಳಬೇಕು ಎಂದು ಶ್ರೀಗಳು ಹೇಳಿದರು. ತಾಲೂಕಿನ ಕುಂದರಗಿ ಗ್ರಾಮದ ಶಾಲೆಯಲ್ಲಿ ಹಮ್ಮಿಕೊಂಡಿದ್ದ ಶಿಕ್ಷಕರ ಸನ್ಮಾನ ಸಮಾರಂಭದಲ್ಲಿ ಸಾನ್ನಿಧ್ಯ ವಹಿಸಿ ಆಶೀರ್ವಚನ ನೀಡಿದರು. 2024–25ನೇ ಸಾಲಿನಲ್ಲಿ ನಿವೃತ್ತರಾದ ಶಿಕ್ಷಕರನ್ನು ಸನ್ಮಾನಿಸಲಾಯಿತು. ಮಕ್ಕಳಲ್ಲಿ ಸಂಸ್ಕಾರ ಬೆಳೆಸುವ ಜವಾಬ್ದಾರಿ ಶಿಕ್ಷಕರ ಮೇಲಿದೆ. ತಂತ್ರಜ್ಞಾನದ ಬಳಕೆಯೊಂದಿಗೆ ಬೋಧನೆ ಮಾಡಬೇಕು. ವಿದ್ಯಾರ್ಥಿಗಳ ಸರ್ವಾಂಗೀಣ ಅಭಿವೃದ್ಧಿಗೆ ಶ್ರಮಿಸಬೇಕು ಎಂದರು. ಕ್ಷೇತ್ರ ಶಿಕ್ಷಣಾಧಿಕಾರಿಗಳು ಮಾತನಾಡಿ ಶಿಕ್ಷಕರ ಸೇವೆ ಸ್ಮರಿಸಿದರು. ಗ್ರಾಮದ ಹಿರಿಯರು, ಎಸ್‌ಡಿಎಂಸಿ ಸದಸ್ಯರು, ಶಿಕ್ಷಕರು ಹಾಗೂ ವಿದ್ಯಾರ್ಥಿಗಳು ಪಾಲ್ಗೊಂಡಿದ್ದರು. ಕಾರ್ಯಕ್ರಮದಲ್ಲಿ ವಿದ್ಯಾರ್ಥಿಗಳಿಂದ ಸಾಂಸ್ಕೃತಿಕ ಕಾರ್ಯಕ್ರಮಗಳು ಜರುಗಿದವು. ಶಿಕ್ಷಕ ಸಂಘದ ಪದಾಧಿಕಾರಿಗಳು ಹಾಗೂ ಮುಖಂಡರು ಉಪಸ್ಥಿತರಿದ್ದರು. ಶಿಕ್ಷಕರು ಸ್ವಾಗತಿಸಿದರು, ಕೊನೆಯಲ್ಲಿ ವಂದಿಸಿದರು.
ಸಿದ್ದೇಶ್ವರ ಪತ್ತಿನ ಸೌಹಾರ್ದ ಸಹಕಾರಿ ಸಂಘ ನಿಯಮಿತ ನೂತನ ಕಟ್ಟಡ ಉದ್ಘಾಟನೆ
ರಜತ ಮಹೋತ್ಸವ ಕಾರ್ಯಕ್ರಮ ನಾಳೆಯಿಂದ
ಬಾದಾಮಿ: ತಾಲೂಕಿನ ಸಿದ್ದೇಶ್ವರ ಪತ್ತಿನ ಸೌಹಾರ್ದ ಸಹಕಾರಿ ಸಂಘ ನಿಯಮಿತದ ರಜತ ಮಹೋತ್ಸವ ಹಾಗೂ ನೂತನ ಕಟ್ಟಡ ಉದ್ಘಾಟನಾ ಸಮಾರಂಭ ಫೆ.20ರಿಂದ 23ರ ವರೆಗೆ ಜರುಗಲಿದೆ ಎಂದು ಸಂಘದ ಅಧ್ಯಕ್ಷರು ಪತ್ರಿಕಾಗೋಷ್ಠಿಯಲ್ಲಿ ತಿಳಿಸಿದರು. ಮಂಗಳವಾರ ನಗರದ ಸಂಘದ ಕಚೇರಿಯಲ್ಲಿ ಮಾತನಾಡಿದ ಅವರು, ಸಂಘವು 25 ವರ್ಷಗಳ ಯಶಸ್ವಿ ಸೇವೆ ಪೂರೈಸಿದ್ದು, ಸದಸ್ಯರ ಸಹಕಾರದಿಂದ ಪ್ರಗತಿ ಸಾಧಿಸಿದೆ. ಫೆ.20ರಂದು ಬೆಳಗ್ಗೆ 10.30ಕ್ಕೆ ಕಟ್ಟಡ ಉದ್ಘಾಟನೆ ನೆರವೇರಲಿದೆ. ಶ್ರೀಗಳ ಸಾನ್ನಿಧ್ಯದಲ್ಲಿ ಕಾರ್ಯಕ್ರಮ ನಡೆಯಲಿದ್ದು, ಸಚಿವರು, ಶಾಸಕರು ಹಾಗೂ ಗಣ್ಯರು ಭಾಗವಹಿಸಲಿದ್ದಾರೆ. ಸಂಜೆ 6.30ಕ್ಕೆ ಸಾಂಸ್ಕೃತಿಕ ಕಾರ್ಯಕ್ರಮಗಳು ಜರುಗಲಿವೆ. ಫೆ.21ರಂದು ಸಹಕಾರಿ ಸಮ್ಮೇಳನ, ಫೆ.22ರಂದು ಮಹಿಳಾ ಗೋಷ್ಠಿ ಹಾಗೂ ಫೆ.23ರಂದು ಸಮಾರೋಪ ಸಮಾರಂಭ ನಡೆಯಲಿದೆ. 1008 ಗುರುವೃಂದ ಸನ್ಮಾನ ಕಾರ್ಯಕ್ರಮ ಹಮ್ಮಿಕೊಳ್ಳಲಾಗಿದೆ. ಸದಸ್ಯರು ಹಾಗೂ ಸಾರ್ವಜನಿಕರು ಪಾಲ್ಗೊಳ್ಳಬೇಕು ಎಂದು ಮನವಿ ಮಾಡಿದರು. ಸಂಘದ ನಿರ್ದೇಶಕರು, ಸಿಬ್ಬಂದಿ ಪತ್ರಿಕಾಗೋಷ್ಠಿಯಲ್ಲಿ ಉಪಸ್ಥಿತರಿದ್ದರು.
ತಾಲೂಕಿನ ಸಿದ್ದೇಶ್ವರ ಪತ್ತಿನ ಸೌಹಾರ್ದ ಸಹಕಾರಿ ಸಂಘ ನಿಯಮಿತದ ರಜತ ಮಹೋತ್ಸವ ಹಾಗೂ ನೂತನ ಕಟ್ಟಡ ಉದ್ಘಾಟನಾ ಸಮಾರಂಭ ಫೆ.20ರಿಂದ 23ರ ವರೆಗೆ ಜರುಗಲಿದೆ ಎಂದು ಸಂಘದ ಅಧ್ಯಕ್ಷರು ಪತ್ರಿಕಾಗೋಷ್ಠಿಯಲ್ಲಿ ತಿಳಿಸಿದರು. ಮಂಗಳವಾರ ನಗರದ ಸಂಘದ ಕಚೇರಿಯಲ್ಲಿ ಮಾತನಾಡಿದ ಅವರು, ಸಂಘವು 25 ವರ್ಷಗಳ ಯಶಸ್ವಿ ಸೇವೆ ಪೂರೈಸಿದ್ದು, ಸದಸ್ಯರ ಸಹಕಾರದಿಂದ ಪ್ರಗತಿ ಸಾಧಿಸಿದೆ. ಫೆ.20ರಂದು ಬೆಳಗ್ಗೆ 10.30ಕ್ಕೆ ಕಟ್ಟಡ ಉದ್ಘಾಟನೆ ನೆರವೇರಲಿದೆ. ಶ್ರೀಗಳ ಸಾನ್ನಿಧ್ಯದಲ್ಲಿ ಕಾರ್ಯಕ್ರಮ ನಡೆಯಲಿದ್ದು, ಸಚಿವರು, ಶಾಸಕರು ಹಾಗೂ ಗಣ್ಯರು ಭಾಗವಹಿಸಲಿದ್ದಾರೆ. ಸಂಜೆ 6.30ಕ್ಕೆ ಸಾಂಸ್ಕೃತಿಕ ಕಾರ್ಯಕ್ರಮಗಳು ಜರುಗಲಿವೆ. ಫೆ.21ರಂದು ಸಹಕಾರಿ ಸಮ್ಮೇಳನ, ಫೆ.22ರಂದು ಮಹಿಳಾ ಗೋಷ್ಠಿ ಹಾಗೂ ಫೆ.23ರಂದು ಸಮಾರೋಪ ಸಮಾರಂಭ ನಡೆಯಲಿದೆ. 1008 ಗುರುವೃಂದ ಸನ್ಮಾನ
ತಾಲೂಕಿನ ಸಿದ್ದೇಶ್ವರ ಪತ್ತಿನ ಸೌಹಾರ್ದ ಸಹಕಾರಿ ಸಂಘ ನಿಯಮಿತದ ರಜತ ಮಹೋತ್ಸವ ಹಾಗೂ ನೂತನ ಕಟ್ಟಡ ಉದ್ಘಾಟನಾ ಸಮಾರಂಭ ಫೆ.20ರಿಂದ 23ರ ವರೆಗೆ ಜರುಗಲಿದೆ ಎಂದು ಸಂಘದ ಅಧ್ಯಕ್ಷರು ಪತ್ರಿಕಾಗೋಷ್ಠಿಯಲ್ಲಿ ತಿಳಿಸಿದರು. ಮಂಗಳವಾರ ನಗರದ ಸಂಘದ ಕಚೇರಿಯಲ್ಲಿ ಮಾತನಾಡಿದ ಅವರು, ಸಂಘವು 25 ವರ್ಷಗಳ ಯಶಸ್ವಿ ಸೇವೆ ಪೂರೈಸಿದ್ದು, ಸದಸ್ಯರ ಸಹಕಾರದಿಂದ ಪ್ರಗತಿ ಸಾಧಿಸಿದೆ. ಫೆ.20ರಂದು ಬೆಳಗ್ಗೆ 10.30ಕ್ಕೆ ಕಟ್ಟಡ ಉದ್ಘಾಟನೆ ನೆರವೇರಲಿದೆ. ಶ್ರೀಗಳ ಸಾನ್ನಿಧ್ಯದಲ್ಲಿ ಕಾರ್ಯಕ್ರಮ ನಡೆಯಲಿದ್ದು, ಸಚಿವರು, ಶಾಸಕರು ಹಾಗೂ ಗಣ್ಯರು ಭಾಗವಹಿಸಲಿದ್ದಾರೆ. ಸಂಜೆ 6.30ಕ್ಕೆ ಸಾಂಸ್ಕೃತಿಕ ಕಾರ್ಯಕ್ರಮಗಳು ಜರುಗಲಿವೆ. ಫೆ.21ರಂದು ಸಹಕಾರಿ ಸಮ್ಮೇಳನ, ಫೆ.22ರಂದು ಮಹಿಳಾ ಗೋಷ್ಠಿ ಹಾಗೂ ಫೆ.23ರಂದು ಸಮಾರೋಪ ಸಮಾರಂಭ ನಡೆಯಲಿದೆ. 1008 ಗುರುವೃಂದ ಸನ್ಮಾನ ಕಾರ್ಯಕ್ರಮ ಹಮ್ಮಿಕೊಳ್ಳಲಾಗಿದೆ. ಸದಸ್ಯರು ಹಾಗೂ ಸಾರ್ವಜನಿಕರು ಪಾಲ್ಗೊಳ್ಳಬೇಕು ಎಂದು ಮನವಿ ಮಾಡಿದರು. ಸಂಘದ ನಿರ್ದೇಶಕರು, ಸಿಬ್ಬಂದಿ ಪತ್ರಿಕಾಗೋಷ್ಠಿಯಲ್ಲಿ ಉಪಸ್ಥಿತರಿದ್ದರು.
